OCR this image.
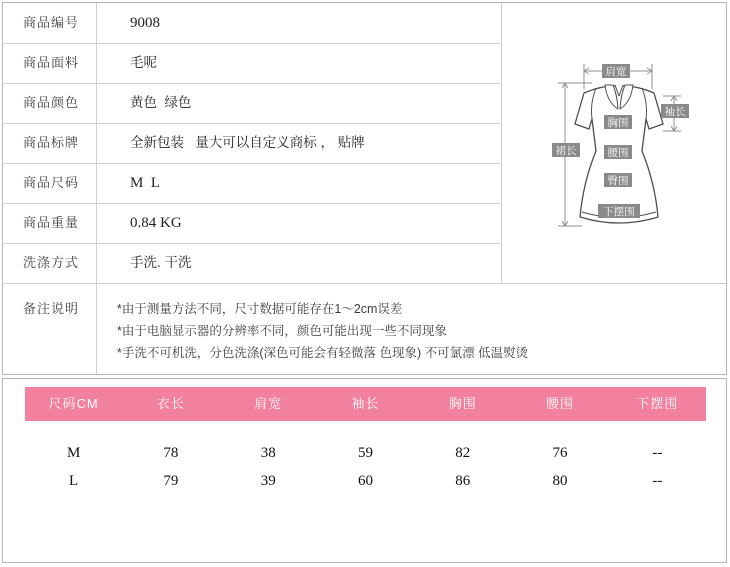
商品编号	9008
商品面料	毛呢
商品颜色	黄色  绿色
商品标牌	全新包装   量大可以自定义商标 ， 贴牌
商品尺码	M  L
商品重量	0.84 KG
洗涤方式	手洗. 干洗
备注说明	*由于测量方法不同，尺寸数据可能存在1～2cm误差
*由于电脑显示器的分辨率不同，颜色可能出现一些不同现象
*手洗不可机洗，分色洗涤(深色可能会有轻微落 色现象) 不可氯漂 低温熨烫
肩宽
袖长
胸围
裙长	腰围
臀围
下摆围
尺码CM	衣长	肩宽	袖长	胸围	腰围	下摆围
M	78	38	59	82	76	--
L	79	39	60	86	80	--
